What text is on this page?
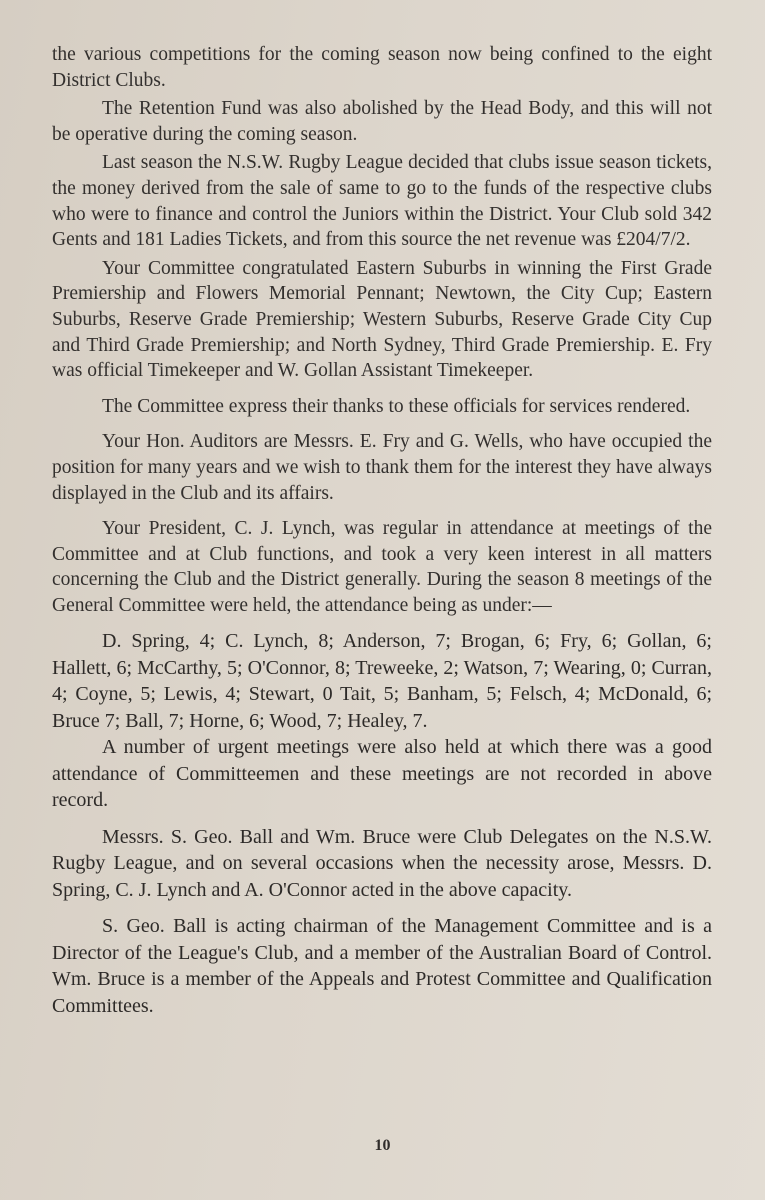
the various competitions for the coming season now being confined to the eight District Clubs.

The Retention Fund was also abolished by the Head Body, and this will not be operative during the coming season.

Last season the N.S.W. Rugby League decided that clubs issue season tickets, the money derived from the sale of same to go to the funds of the respective clubs who were to finance and control the Juniors within the District. Your Club sold 342 Gents and 181 Ladies Tickets, and from this source the net revenue was £204/7/2.

Your Committee congratulated Eastern Suburbs in winning the First Grade Premiership and Flowers Memorial Pennant; Newtown, the City Cup; Eastern Suburbs, Reserve Grade Premiership; Western Suburbs, Reserve Grade City Cup and Third Grade Premiership; and North Sydney, Third Grade Premiership. E. Fry was official Timekeeper and W. Gollan Assistant Timekeeper.

The Committee express their thanks to these officials for services rendered.

Your Hon. Auditors are Messrs. E. Fry and G. Wells, who have occupied the position for many years and we wish to thank them for the interest they have always displayed in the Club and its affairs.

Your President, C. J. Lynch, was regular in attendance at meetings of the Committee and at Club functions, and took a very keen interest in all matters concerning the Club and the District generally. During the season 8 meetings of the General Committee were held, the attendance being as under:—

D. Spring, 4; C. Lynch, 8; Anderson, 7; Brogan, 6; Fry, 6; Gollan, 6; Hallett, 6; McCarthy, 5; O'Connor, 8; Treweeke, 2; Watson, 7; Wearing, 0; Curran, 4; Coyne, 5; Lewis, 4; Stewart, 0 Tait, 5; Banham, 5; Felsch, 4; McDonald, 6; Bruce 7; Ball, 7; Horne, 6; Wood, 7; Healey, 7.

A number of urgent meetings were also held at which there was a good attendance of Committeemen and these meetings are not recorded in above record.

Messrs. S. Geo. Ball and Wm. Bruce were Club Delegates on the N.S.W. Rugby League, and on several occasions when the necessity arose, Messrs. D. Spring, C. J. Lynch and A. O'Connor acted in the above capacity.

S. Geo. Ball is acting chairman of the Management Committee and is a Director of the League's Club, and a member of the Australian Board of Control. Wm. Bruce is a member of the Appeals and Protest Committee and Qualification Committees.

10
